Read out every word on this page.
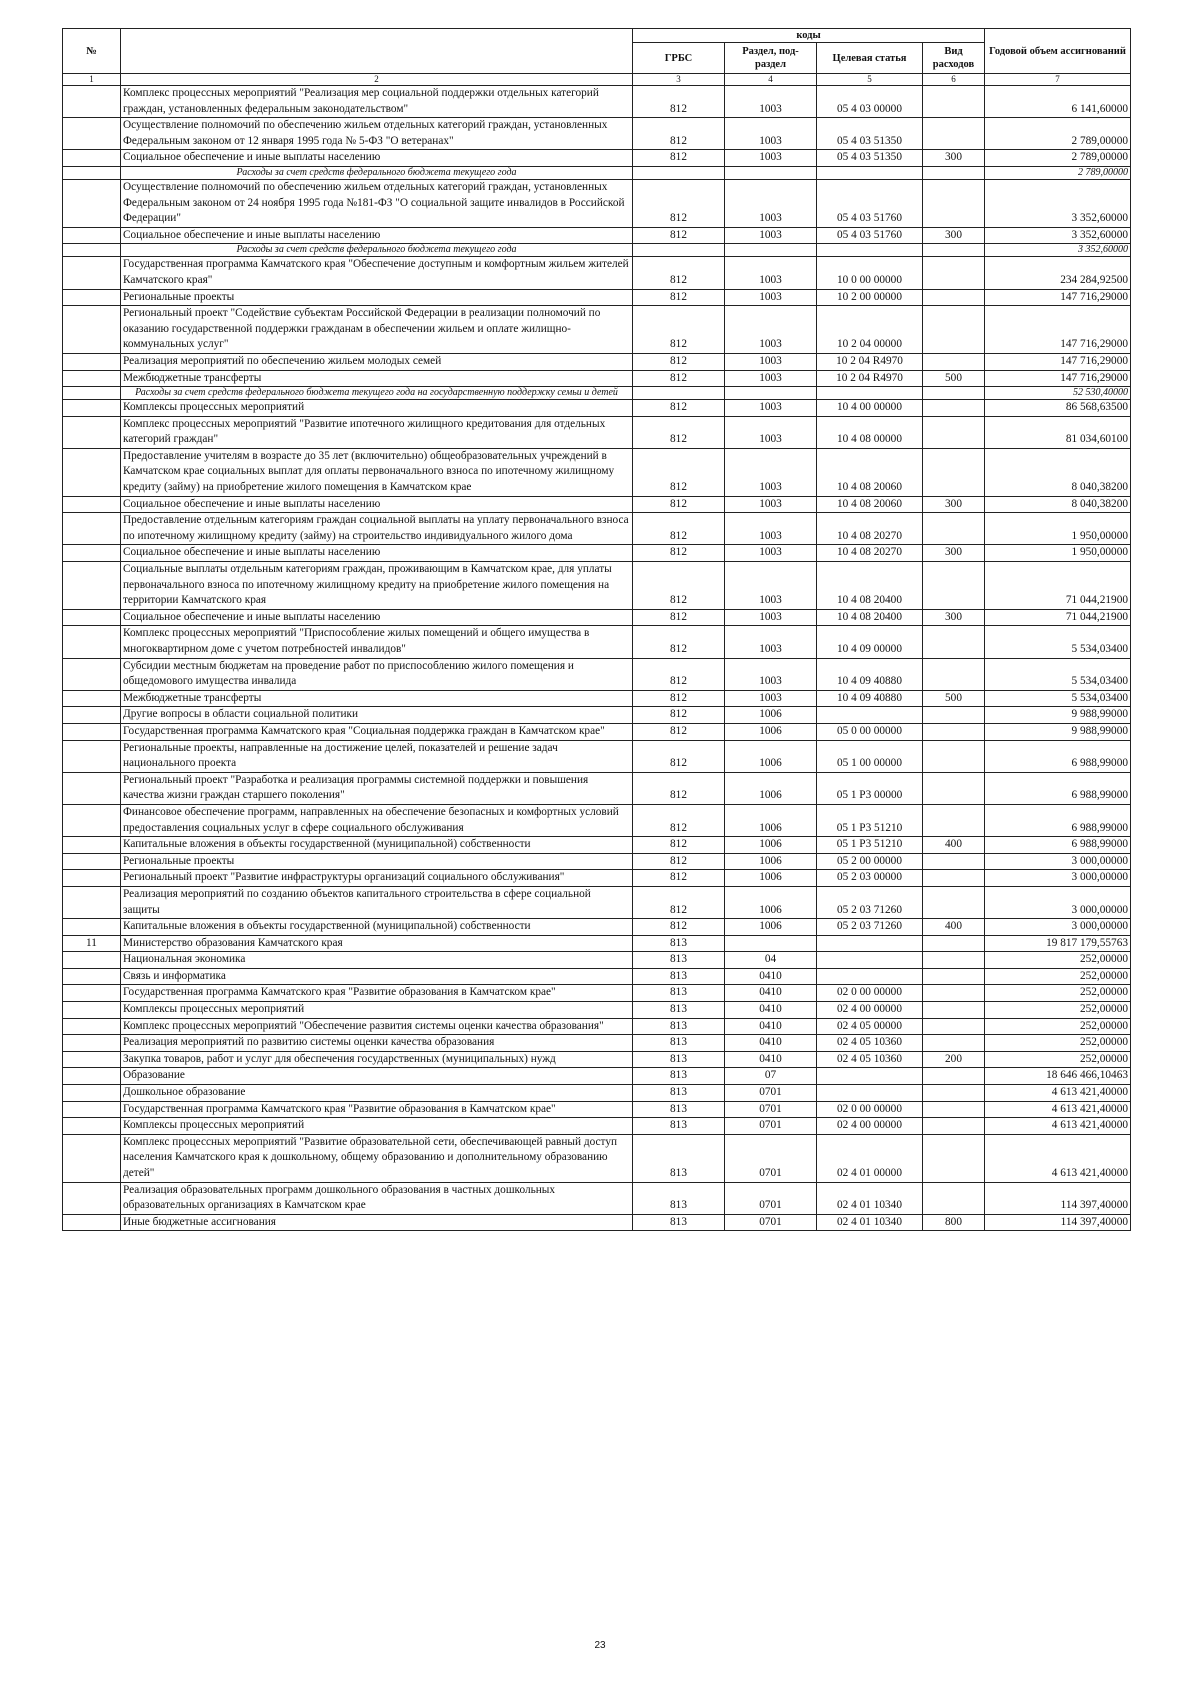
№		коды				Годовой объем ассигнований
		ГРБС	Раздел, под-раздел	Целевая статья	Вид расходов	
1	2	3	4	5	6	7
	Комплекс процессных мероприятий "Реализация мер социальной поддержки отдельных категорий граждан, установленных федеральным законодательством"	812	1003	05 4 03 00000		6 141,60000
	Осуществление полномочий по обеспечению жильем отдельных категорий граждан, установленных Федеральным законом от 12 января 1995 года № 5-ФЗ "О ветеранах"	812	1003	05 4 03 51350		2 789,00000
	Социальное обеспечение и иные выплаты населению	812	1003	05 4 03 51350	300	2 789,00000
	Расходы за счет средств федерального бюджета текущего года					2 789,00000
	Осуществление полномочий по обеспечению жильем отдельных категорий граждан, установленных Федеральным законом от 24 ноября 1995 года №181-ФЗ "О социальной защите инвалидов в Российской Федерации"	812	1003	05 4 03 51760		3 352,60000
	Социальное обеспечение и иные выплаты населению	812	1003	05 4 03 51760	300	3 352,60000
	Расходы за счет средств федерального бюджета текущего года					3 352,60000
	Государственная программа Камчатского края "Обеспечение доступным и комфортным жильем жителей Камчатского края"	812	1003	10 0 00 00000		234 284,92500
	Региональные проекты	812	1003	10 2 00 00000		147 716,29000
	Региональный проект "Содействие субъектам Российской Федерации в реализации полномочий по оказанию государственной поддержки гражданам в обеспечении жильем и оплате жилищно-коммунальных услуг"	812	1003	10 2 04 00000		147 716,29000
	Реализация мероприятий по обеспечению жильем молодых семей	812	1003	10 2 04 R4970		147 716,29000
	Межбюджетные трансферты	812	1003	10 2 04 R4970	500	147 716,29000
	Расходы за счет средств федерального бюджета текущего года на государственную поддержку семьи и детей					52 530,40000
	Комплексы процессных мероприятий	812	1003	10 4 00 00000		86 568,63500
	Комплекс процессных мероприятий "Развитие ипотечного жилищного кредитования для отдельных категорий граждан"	812	1003	10 4 08 00000		81 034,60100
	Предоставление учителям в возрасте до 35 лет (включительно) общеобразовательных учреждений в Камчатском крае социальных выплат для оплаты первоначального взноса по ипотечному жилищному кредиту (займу) на приобретение жилого помещения в Камчатском крае	812	1003	10 4 08 20060		8 040,38200
	Социальное обеспечение и иные выплаты населению	812	1003	10 4 08 20060	300	8 040,38200
	Предоставление отдельным категориям граждан социальной выплаты на уплату первоначального взноса по ипотечному жилищному кредиту (займу) на строительство индивидуального жилого дома	812	1003	10 4 08 20270		1 950,00000
	Социальное обеспечение и иные выплаты населению	812	1003	10 4 08 20270	300	1 950,00000
	Социальные выплаты отдельным категориям граждан, проживающим в Камчатском крае, для уплаты первоначального взноса по ипотечному жилищному кредиту на приобретение жилого помещения на территории Камчатского края	812	1003	10 4 08 20400		71 044,21900
	Социальное обеспечение и иные выплаты населению	812	1003	10 4 08 20400	300	71 044,21900
	Комплекс процессных мероприятий "Приспособление жилых помещений и общего имущества в многоквартирном доме с учетом потребностей инвалидов"	812	1003	10 4 09 00000		5 534,03400
	Субсидии местным бюджетам на проведение работ по приспособлению жилого помещения и общедомового имущества инвалида	812	1003	10 4 09 40880		5 534,03400
	Межбюджетные трансферты	812	1003	10 4 09 40880	500	5 534,03400
	Другие вопросы в области социальной политики	812	1006			9 988,99000
	Государственная программа Камчатского края "Социальная поддержка граждан в Камчатском крае"	812	1006	05 0 00 00000		9 988,99000
	Региональные проекты, направленные на достижение целей, показателей и решение задач национального проекта	812	1006	05 1 00 00000		6 988,99000
	Региональный проект "Разработка и реализация программы системной поддержки и повышения качества жизни граждан старшего поколения"	812	1006	05 1 P3 00000		6 988,99000
	Финансовое обеспечение программ, направленных на обеспечение безопасных и комфортных условий предоставления социальных услуг в сфере социального обслуживания	812	1006	05 1 P3 51210		6 988,99000
	Капитальные вложения в объекты государственной (муниципальной) собственности	812	1006	05 1 P3 51210	400	6 988,99000
	Региональные проекты	812	1006	05 2 00 00000		3 000,00000
	Региональный проект "Развитие инфраструктуры организаций социального обслуживания"	812	1006	05 2 03 00000		3 000,00000
	Реализация мероприятий по созданию объектов капитального строительства в сфере социальной защиты	812	1006	05 2 03 71260		3 000,00000
	Капитальные вложения в объекты государственной (муниципальной) собственности	812	1006	05 2 03 71260	400	3 000,00000
11	Министерство образования Камчатского края	813				19 817 179,55763
	Национальная экономика	813	04			252,00000
	Связь и информатика	813	0410			252,00000
	Государственная программа Камчатского края "Развитие образования в Камчатском крае"	813	0410	02 0 00 00000		252,00000
	Комплексы процессных мероприятий	813	0410	02 4 00 00000		252,00000
	Комплекс процессных мероприятий "Обеспечение развития системы оценки качества образования"	813	0410	02 4 05 00000		252,00000
	Реализация мероприятий по развитию системы оценки качества образования	813	0410	02 4 05 10360		252,00000
	Закупка товаров, работ и услуг для обеспечения государственных (муниципальных) нужд	813	0410	02 4 05 10360	200	252,00000
	Образование	813	07			18 646 466,10463
	Дошкольное образование	813	0701			4 613 421,40000
	Государственная программа Камчатского края "Развитие образования в Камчатском крае"	813	0701	02 0 00 00000		4 613 421,40000
	Комплексы процессных мероприятий	813	0701	02 4 00 00000		4 613 421,40000
	Комплекс процессных мероприятий "Развитие образовательной сети, обеспечивающей равный доступ населения Камчатского края к дошкольному, общему образованию и дополнительному образованию детей"	813	0701	02 4 01 00000		4 613 421,40000
	Реализация образовательных программ дошкольного образования в частных дошкольных образовательных организациях в Камчатском крае	813	0701	02 4 01 10340		114 397,40000
	Иные бюджетные ассигнования	813	0701	02 4 01 10340	800	114 397,40000
23
